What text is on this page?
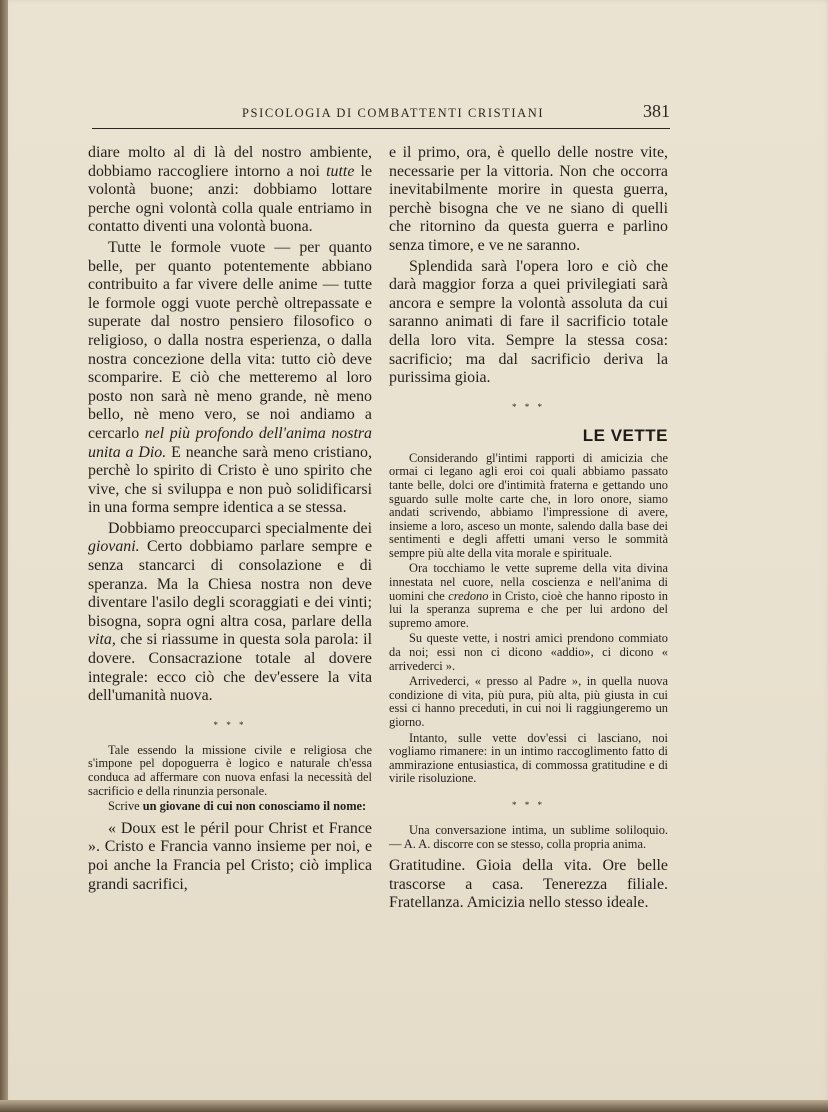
PSICOLOGIA DI COMBATTENTI CRISTIANI	381

diare molto al di là del nostro ambiente, dobbiamo raccogliere intorno a noi tutte le volontà buone; anzi: dobbiamo lottare perche ogni volontà colla quale entriamo in contatto diventi una volontà buona.

Tutte le formole vuote — per quanto belle, per quanto potentemente abbiano contribuito a far vivere delle anime — tutte le formole oggi vuote perchè oltrepassate e superate dal nostro pensiero filosofico o religioso, o dalla nostra esperienza, o dalla nostra concezione della vita: tutto ciò deve scomparire. E ciò che metteremo al loro posto non sarà nè meno grande, nè meno bello, nè meno vero, se noi andiamo a cercarlo nel più profondo dell'anima nostra unita a Dio. E neanche sarà meno cristiano, perchè lo spirito di Cristo è uno spirito che vive, che si sviluppa e non può solidificarsi in una forma sempre identica a se stessa.

Dobbiamo preoccuparci specialmente dei giovani. Certo dobbiamo parlare sempre e senza stancarci di consolazione e di speranza. Ma la Chiesa nostra non deve diventare l'asilo degli scoraggiati e dei vinti; bisogna, sopra ogni altra cosa, parlare della vita, che si riassume in questa sola parola: il dovere. Consacrazione totale al dovere integrale: ecco ciò che dev'essere la vita dell'umanità nuova.

* * *

Tale essendo la missione civile e religiosa che s'impone pel dopoguerra è logico e naturale ch'essa conduca ad affermare con nuova enfasi la necessità del sacrificio e della rinunzia personale.

Scrive un giovane di cui non conosciamo il nome:

« Doux est le péril pour Christ et France ». Cristo e Francia vanno insieme per noi, e poi anche la Francia pel Cristo; ciò implica grandi sacrifici,

e il primo, ora, è quello delle nostre vite, necessarie per la vittoria. Non che occorra inevitabilmente morire in questa guerra, perchè bisogna che ve ne siano di quelli che ritornino da questa guerra e parlino senza timore, e ve ne saranno.

Splendida sarà l'opera loro e ciò che darà maggior forza a quei privilegiati sarà ancora e sempre la volontà assoluta da cui saranno animati di fare il sacrificio totale della loro vita. Sempre la stessa cosa: sacrificio; ma dal sacrificio deriva la purissima gioia.

* * *
LE VETTE

Considerando gl'intimi rapporti di amicizia che ormai ci legano agli eroi coi quali abbiamo passato tante belle, dolci ore d'intimità fraterna e gettando uno sguardo sulle molte carte che, in loro onore, siamo andati scrivendo, abbiamo l'impressione di avere, insieme a loro, asceso un monte, salendo dalla base dei sentimenti e degli affetti umani verso le sommità sempre più alte della vita morale e spirituale.

Ora tocchiamo le vette supreme della vita divina innestata nel cuore, nella coscienza e nell'anima di uomini che credono in Cristo, cioè che hanno riposto in lui la speranza suprema e che per lui ardono del supremo amore.

Su queste vette, i nostri amici prendono commiato da noi; essi non ci dicono «addio», ci dicono « arrivederci ».

Arrivederci, « presso al Padre », in quella nuova condizione di vita, più pura, più alta, più giusta in cui essi ci hanno preceduti, in cui noi li raggiungeremo un giorno.

Intanto, sulle vette dov'essi ci lasciano, noi vogliamo rimanere: in un intimo raccoglimento fatto di ammirazione entusiastica, di commossa gratitudine e di virile risoluzione.

* * *

Una conversazione intima, un sublime soliloquio. — A. A. discorre con se stesso, colla propria anima.

Gratitudine. Gioia della vita. Ore belle trascorse a casa. Tenerezza filiale. Fratellanza. Amicizia nello stesso ideale.
